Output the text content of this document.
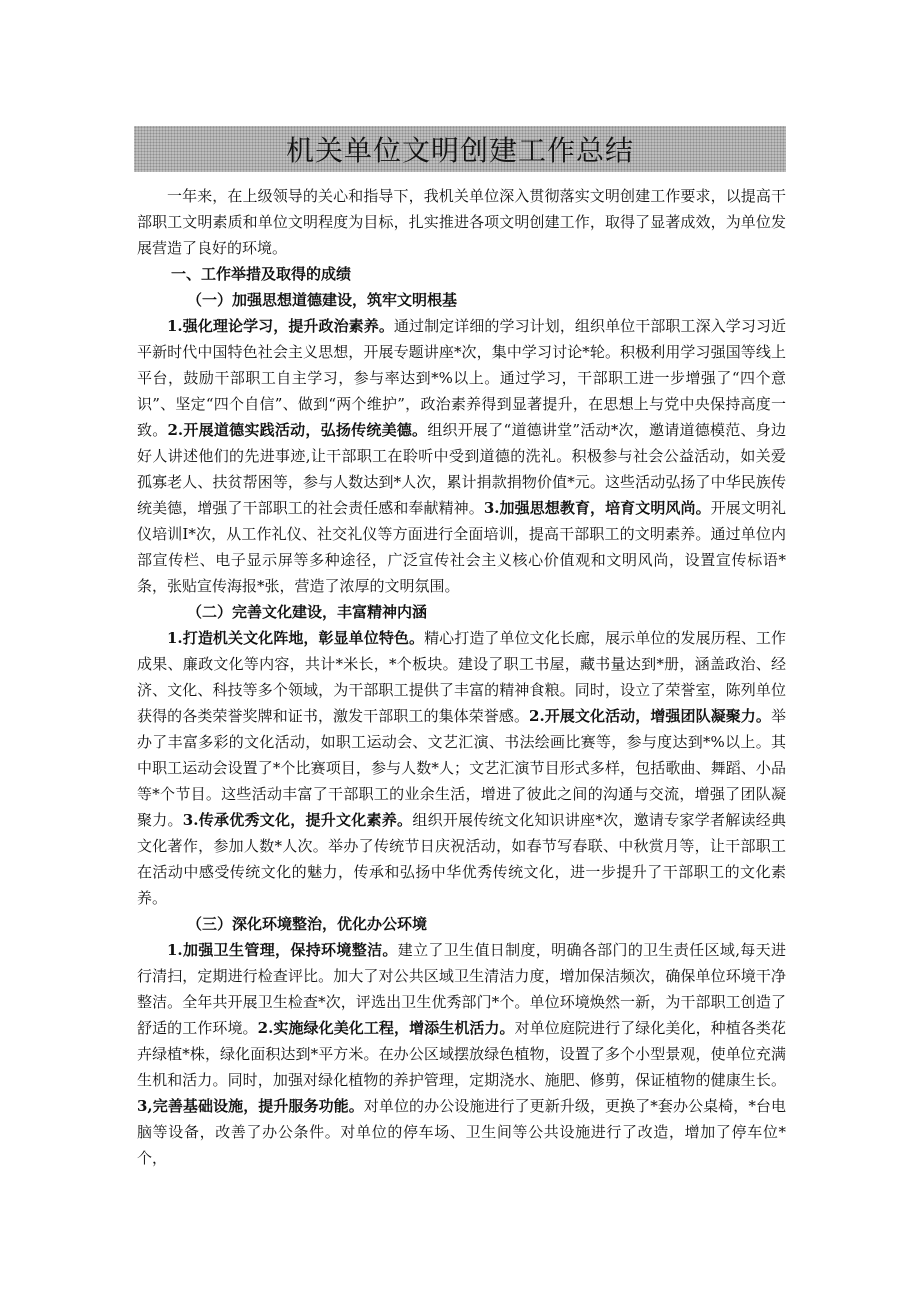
机关单位文明创建工作总结

一年来，在上级领导的关心和指导下，我机关单位深入贯彻落实文明创建工作要求，以提高干部职工文明素质和单位文明程度为目标，扎实推进各项文明创建工作，取得了显著成效，为单位发展营造了良好的环境。

一、工作举措及取得的成绩

（一）加强思想道德建设，筑牢文明根基

1.强化理论学习，提升政治素养。通过制定详细的学习计划，组织单位干部职工深入学习习近平新时代中国特色社会主义思想，开展专题讲座*次，集中学习讨论*轮。积极利用学习强国等线上平台，鼓励干部职工自主学习，参与率达到*%以上。通过学习，干部职工进一步增强了“四个意识”、坚定“四个自信”、做到“两个维护”，政治素养得到显著提升，在思想上与党中央保持高度一致。2.开展道德实践活动，弘扬传统美德。组织开展了“道德讲堂”活动*次，邀请道德模范、身边好人讲述他们的先进事迹,让干部职工在聆听中受到道德的洗礼。积极参与社会公益活动，如关爱孤寡老人、扶贫帮困等，参与人数达到*人次，累计捐款捐物价值*元。这些活动弘扬了中华民族传统美德，增强了干部职工的社会责任感和奉献精神。3.加强思想教育，培育文明风尚。开展文明礼仪培训I*次，从工作礼仪、社交礼仪等方面进行全面培训，提高干部职工的文明素养。通过单位内部宣传栏、电子显示屏等多种途径，广泛宣传社会主义核心价值观和文明风尚，设置宣传标语*条，张贴宣传海报*张，营造了浓厚的文明氛围。

（二）完善文化建设，丰富精神内涵

1.打造机关文化阵地，彰显单位特色。精心打造了单位文化长廊，展示单位的发展历程、工作成果、廉政文化等内容，共计*米长，*个板块。建设了职工书屋，藏书量达到*册，涵盖政治、经济、文化、科技等多个领域，为干部职工提供了丰富的精神食粮。同时，设立了荣誉室，陈列单位获得的各类荣誉奖牌和证书，激发干部职工的集体荣誉感。2.开展文化活动，增强团队凝聚力。举办了丰富多彩的文化活动，如职工运动会、文艺汇演、书法绘画比赛等，参与度达到*%以上。其中职工运动会设置了*个比赛项目，参与人数*人；文艺汇演节目形式多样，包括歌曲、舞蹈、小品等*个节目。这些活动丰富了干部职工的业余生活，增进了彼此之间的沟通与交流，增强了团队凝聚力。3.传承优秀文化，提升文化素养。组织开展传统文化知识讲座*次，邀请专家学者解读经典文化著作，参加人数*人次。举办了传统节日庆祝活动，如春节写春联、中秋赏月等，让干部职工在活动中感受传统文化的魅力，传承和弘扬中华优秀传统文化，进一步提升了干部职工的文化素养。

（三）深化环境整治，优化办公环境

1.加强卫生管理，保持环境整洁。建立了卫生值日制度，明确各部门的卫生责任区域,每天进行清扫，定期进行检查评比。加大了对公共区域卫生清洁力度，增加保洁频次，确保单位环境干净整洁。全年共开展卫生检查*次，评选出卫生优秀部门*个。单位环境焕然一新，为干部职工创造了舒适的工作环境。2.实施绿化美化工程，增添生机活力。对单位庭院进行了绿化美化，种植各类花卉绿植*株，绿化面积达到*平方米。在办公区域摆放绿色植物，设置了多个小型景观，使单位充满生机和活力。同时，加强对绿化植物的养护管理，定期浇水、施肥、修剪，保证植物的健康生长。3,完善基础设施，提升服务功能。对单位的办公设施进行了更新升级，更换了*套办公桌椅，*台电脑等设备，改善了办公条件。对单位的停车场、卫生间等公共设施进行了改造，增加了停车位*个，
